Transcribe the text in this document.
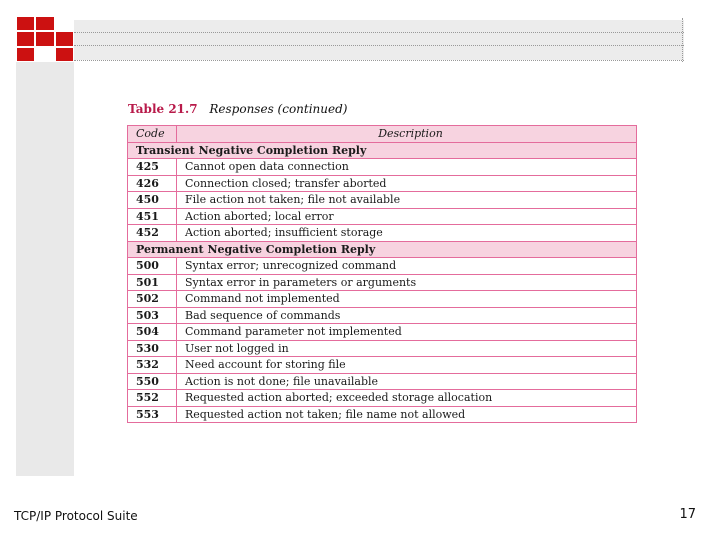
Table 21.7 Responses (continued)
Code	Description
Transient Negative Completion Reply	
425	Cannot open data connection
426	Connection closed; transfer aborted
450	File action not taken; file not available
451	Action aborted; local error
452	Action aborted; insufficient storage
Permanent Negative Completion Reply	
500	Syntax error; unrecognized command
501	Syntax error in parameters or arguments
502	Command not implemented
503	Bad sequence of commands
504	Command parameter not implemented
530	User not logged in
532	Need account for storing file
550	Action is not done; file unavailable
552	Requested action aborted; exceeded storage allocation
553	Requested action not taken; file name not allowed
TCP/IP Protocol Suite	17
